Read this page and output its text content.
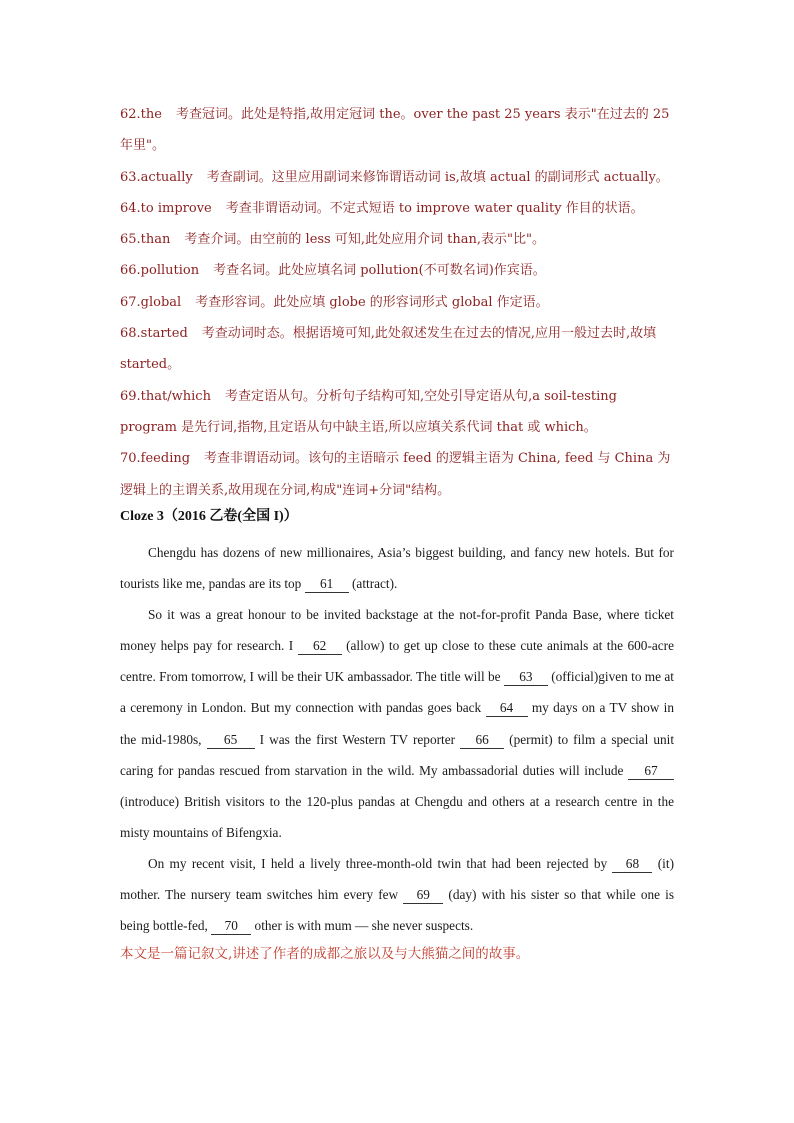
62.the 考查冠词。此处是特指,故用定冠词 the。over the past 25 years 表示"在过去的 25 年里"。

63.actually 考查副词。这里应用副词来修饰谓语动词 is,故填 actual 的副词形式 actually。

64.to improve 考查非谓语动词。不定式短语 to improve water quality 作目的状语。

65.than 考查介词。由空前的 less 可知,此处应用介词 than,表示"比"。

66.pollution 考查名词。此处应填名词 pollution(不可数名词)作宾语。

67.global 考查形容词。此处应填 globe 的形容词形式 global 作定语。

68.started 考查动词时态。根据语境可知,此处叙述发生在过去的情况,应用一般过去时,故填 started。

69.that/which 考查定语从句。分析句子结构可知,空处引导定语从句,a soil-testing program 是先行词,指物,且定语从句中缺主语,所以应填关系代词 that 或 which。

70.feeding 考查非谓语动词。该句的主语暗示 feed 的逻辑主语为 China, feed 与 China 为逻辑上的主谓关系,故用现在分词,构成"连词+分词"结构。

Cloze 3（2016 乙卷(全国 I)）

Chengdu has dozens of new millionaires, Asia’s biggest building, and fancy new hotels. But for tourists like me, pandas are its top 61 (attract).

So it was a great honour to be invited backstage at the not-for-profit Panda Base, where ticket money helps pay for research. I 62 (allow) to get up close to these cute animals at the 600-acre centre. From tomorrow, I will be their UK ambassador. The title will be 63 (official)given to me at a ceremony in London. But my connection with pandas goes back 64 my days on a TV show in the mid-1980s, 65 I was the first Western TV reporter 66 (permit) to film a special unit caring for pandas rescued from starvation in the wild. My ambassadorial duties will include 67 (introduce) British visitors to the 120-plus pandas at Chengdu and others at a research centre in the misty mountains of Bifengxia.

On my recent visit, I held a lively three-month-old twin that had been rejected by 68 (it) mother. The nursery team switches him every few 69 (day) with his sister so that while one is being bottle-fed, 70 other is with mum — she never suspects.

本文是一篇记叙文,讲述了作者的成都之旅以及与大熊猫之间的故事。
